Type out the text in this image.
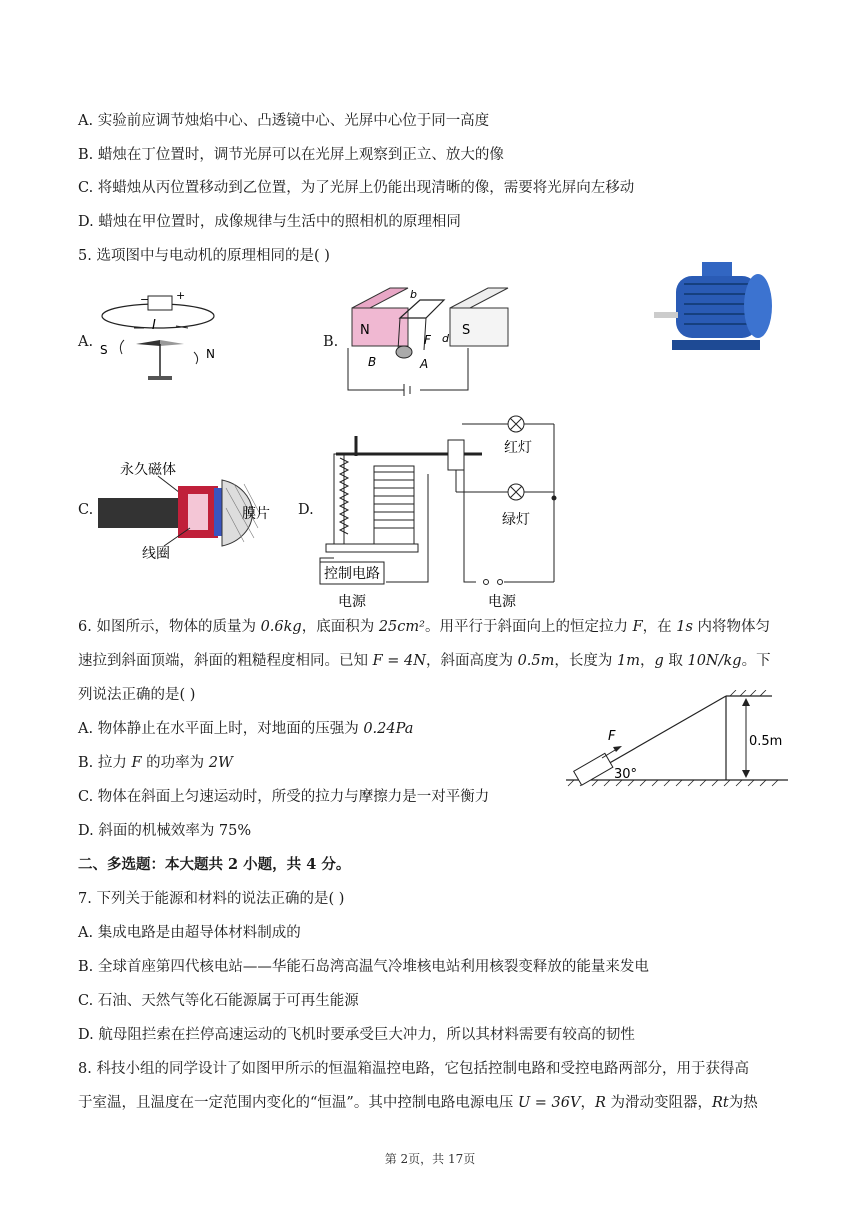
A. 实验前应调节烛焰中心、凸透镜中心、光屏中心位于同一高度
B. 蜡烛在丁位置时，调节光屏可以在光屏上观察到正立、放大的像
C. 将蜡烛从丙位置移动到乙位置，为了光屏上仍能出现清晰的像，需要将光屏向左移动
D. 蜡烛在甲位置时，成像规律与生活中的照相机的原理相同
5. 选项图中与电动机的原理相同的是( )
A.
− +
I
S	N
B.
N	S
b
F d
B	A
C.
永久磁体
膜片
线圈
D.
红灯
绿灯
控制电路
电源	电源
6. 如图所示，物体的质量为 0.6kg，底面积为 25cm²。用平行于斜面向上的恒定拉力 F，在 1s 内将物体匀
速拉到斜面顶端，斜面的粗糙程度相同。已知 F = 4N，斜面高度为 0.5m，长度为 1m，g 取 10N/kg。下
列说法正确的是( )
A. 物体静止在水平面上时，对地面的压强为 0.24Pa
B. 拉力 F 的功率为 2W
C. 物体在斜面上匀速运动时，所受的拉力与摩擦力是一对平衡力
D. 斜面的机械效率为 75%
0.5m
F
30°
二、多选题：本大题共 2 小题，共 4 分。
7. 下列关于能源和材料的说法正确的是( )
A. 集成电路是由超导体材料制成的
B. 全球首座第四代核电站——华能石岛湾高温气冷堆核电站利用核裂变释放的能量来发电
C. 石油、天然气等化石能源属于可再生能源
D. 航母阻拦索在拦停高速运动的飞机时要承受巨大冲力，所以其材料需要有较高的韧性
8. 科技小组的同学设计了如图甲所示的恒温箱温控电路，它包括控制电路和受控电路两部分，用于获得高
于室温，且温度在一定范围内变化的“恒温”。其中控制电路电源电压 U = 36V，R 为滑动变阻器，Rt为热
第 2页，共 17页
